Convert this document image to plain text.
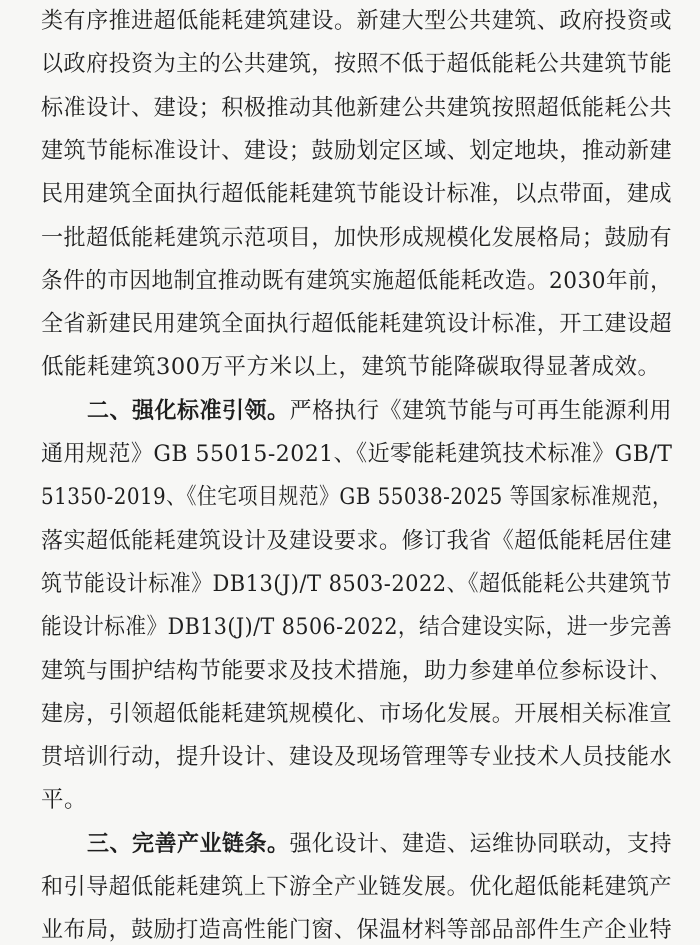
类有序推进超低能耗建筑建设。新建大型公共建筑、政府投资或
以政府投资为主的公共建筑，按照不低于超低能耗公共建筑节能
标准设计、建设；积极推动其他新建公共建筑按照超低能耗公共
建筑节能标准设计、建设；鼓励划定区域、划定地块，推动新建
民用建筑全面执行超低能耗建筑节能设计标准，以点带面，建成
一批超低能耗建筑示范项目，加快形成规模化发展格局；鼓励有
条件的市因地制宜推动既有建筑实施超低能耗改造。2030年前，
全省新建民用建筑全面执行超低能耗建筑设计标准，开工建设超
低能耗建筑300万平方米以上，建筑节能降碳取得显著成效。
二、强化标准引领。严格执行《建筑节能与可再生能源利用
通用规范》GB 55015-2021、《近零能耗建筑技术标准》GB/T
51350-2019、《住宅项目规范》GB 55038-2025 等国家标准规范，
落实超低能耗建筑设计及建设要求。修订我省《超低能耗居住建
筑节能设计标准》DB13(J)/T 8503-2022、《超低能耗公共建筑节
能设计标准》DB13(J)/T 8506-2022，结合建设实际，进一步完善
建筑与围护结构节能要求及技术措施，助力参建单位参标设计、
建房，引领超低能耗建筑规模化、市场化发展。开展相关标准宣
贯培训行动，提升设计、建设及现场管理等专业技术人员技能水
平。
三、完善产业链条。强化设计、建造、运维协同联动，支持
和引导超低能耗建筑上下游全产业链发展。优化超低能耗建筑产
业布局，鼓励打造高性能门窗、保温材料等部品部件生产企业特
